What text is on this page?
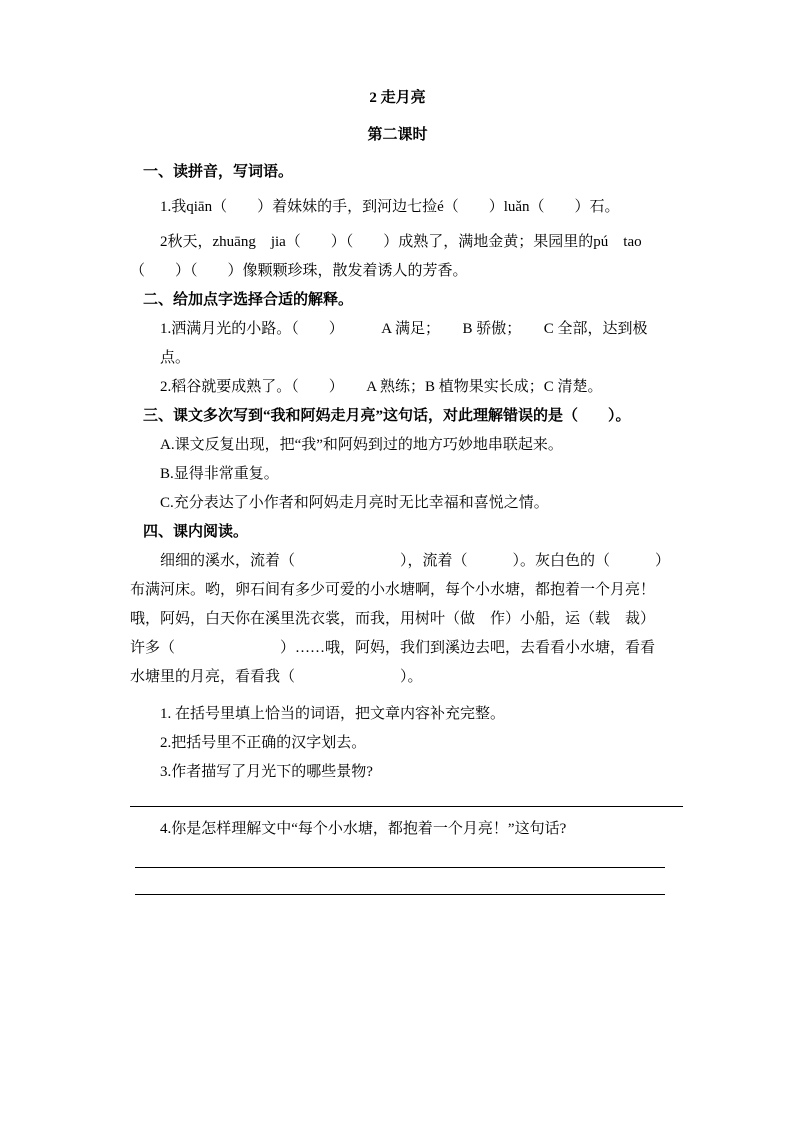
2 走月亮
第二课时
一、读拼音，写词语。
1.我qiān（　　）着妹妹的手，到河边七捡é（　　）luǎn（　　）石。
2秋天，zhuāng　jia（　　）（　　）成熟了，满地金黄；果园里的pú　tao
（　　）（　　）像颗颗珍珠，散发着诱人的芳香。
二、给加点字选择合适的解释。
1.洒满月光的小路。（　　）　　　A 满足；　　B 骄傲；　　C 全部，达到极点。
2.稻谷就要成熟了。（　　）　　A 熟练；B 植物果实长成；C 清楚。
三、课文多次写到“我和阿妈走月亮”这句话，对此理解错误的是（　　）。
A.课文反复出现，把“我”和阿妈到过的地方巧妙地串联起来。
B.显得非常重复。
C.充分表达了小作者和阿妈走月亮时无比幸福和喜悦之情。
四、课内阅读。
细细的溪水，流着（　　　　　　　），流着（　　　）。灰白色的（　　　）
布满河床。哟，卵石间有多少可爱的小水塘啊，每个小水塘，都抱着一个月亮！
哦，阿妈，白天你在溪里洗衣裳，而我，用树叶（做　作）小船，运（载　裁）
许多（　　　　　　　）……哦，阿妈，我们到溪边去吧，去看看小水塘，看看
水塘里的月亮，看看我（　　　　　　　）。
1. 在括号里填上恰当的词语，把文章内容补充完整。
2.把括号里不正确的汉字划去。
3.作者描写了月光下的哪些景物?
4.你是怎样理解文中“每个小水塘，都抱着一个月亮！”这句话?
